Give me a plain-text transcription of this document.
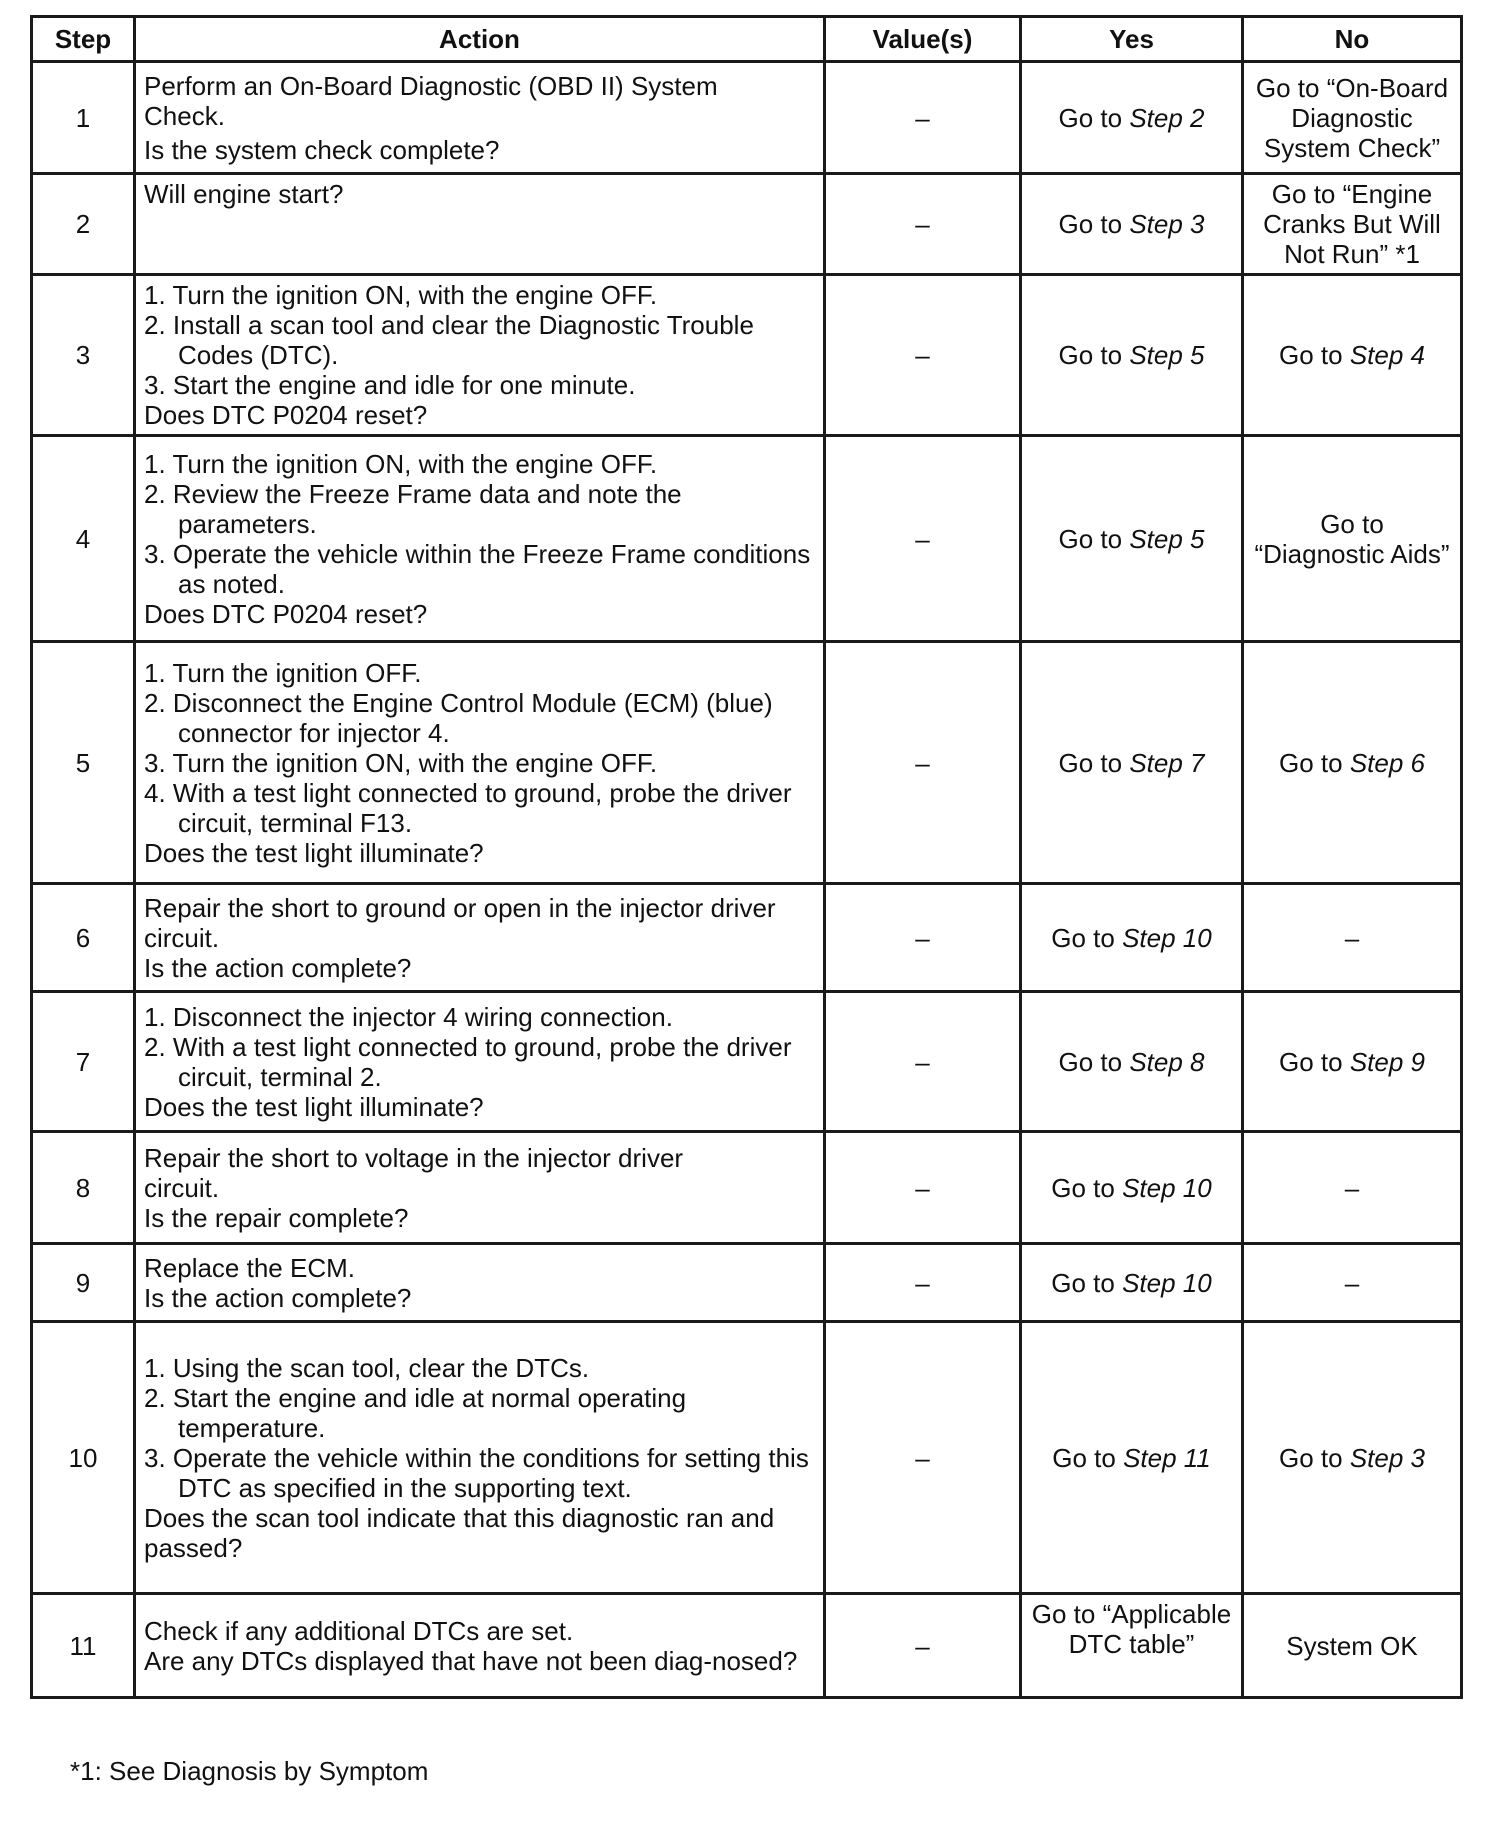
Step	Action	Value(s)	Yes	No
1	Perform an On-Board Diagnostic (OBD II) System
Check.
Is the system check complete?	–	Go to Step 2	Go to “On-Board Diagnostic System Check”
2	Will engine start?	–	Go to Step 3	Go to “Engine Cranks But Will Not Run” *1
3	1. Turn the ignition ON, with the engine OFF.
2. Install a scan tool and clear the Diagnostic Trouble Codes (DTC).
3. Start the engine and idle for one minute.
Does DTC P0204 reset?	–	Go to Step 5	Go to Step 4
4	1. Turn the ignition ON, with the engine OFF.
2. Review the Freeze Frame data and note the parameters.
3. Operate the vehicle within the Freeze Frame conditions as noted.
Does DTC P0204 reset?	–	Go to Step 5	Go to “Diagnostic Aids”
5	1. Turn the ignition OFF.
2. Disconnect the Engine Control Module (ECM) (blue) connector for injector 4.
3. Turn the ignition ON, with the engine OFF.
4. With a test light connected to ground, probe the driver circuit, terminal F13.
Does the test light illuminate?	–	Go to Step 7	Go to Step 6
6	Repair the short to ground or open in the injector driver circuit.
Is the action complete?	–	Go to Step 10	–
7	1. Disconnect the injector 4 wiring connection.
2. With a test light connected to ground, probe the driver circuit, terminal 2.
Does the test light illuminate?	–	Go to Step 8	Go to Step 9
8	Repair the short to voltage in the injector driver
circuit.
Is the repair complete?	–	Go to Step 10	–
9	Replace the ECM.
Is the action complete?	–	Go to Step 10	–
10	1. Using the scan tool, clear the DTCs.
2. Start the engine and idle at normal operating temperature.
3. Operate the vehicle within the conditions for setting this DTC as specified in the supporting text.
Does the scan tool indicate that this diagnostic ran and passed?	–	Go to Step 11	Go to Step 3
11	Check if any additional DTCs are set.
Are any DTCs displayed that have not been diag-nosed?	–	Go to “Applicable DTC table”	System OK
*1: See Diagnosis by Symptom
